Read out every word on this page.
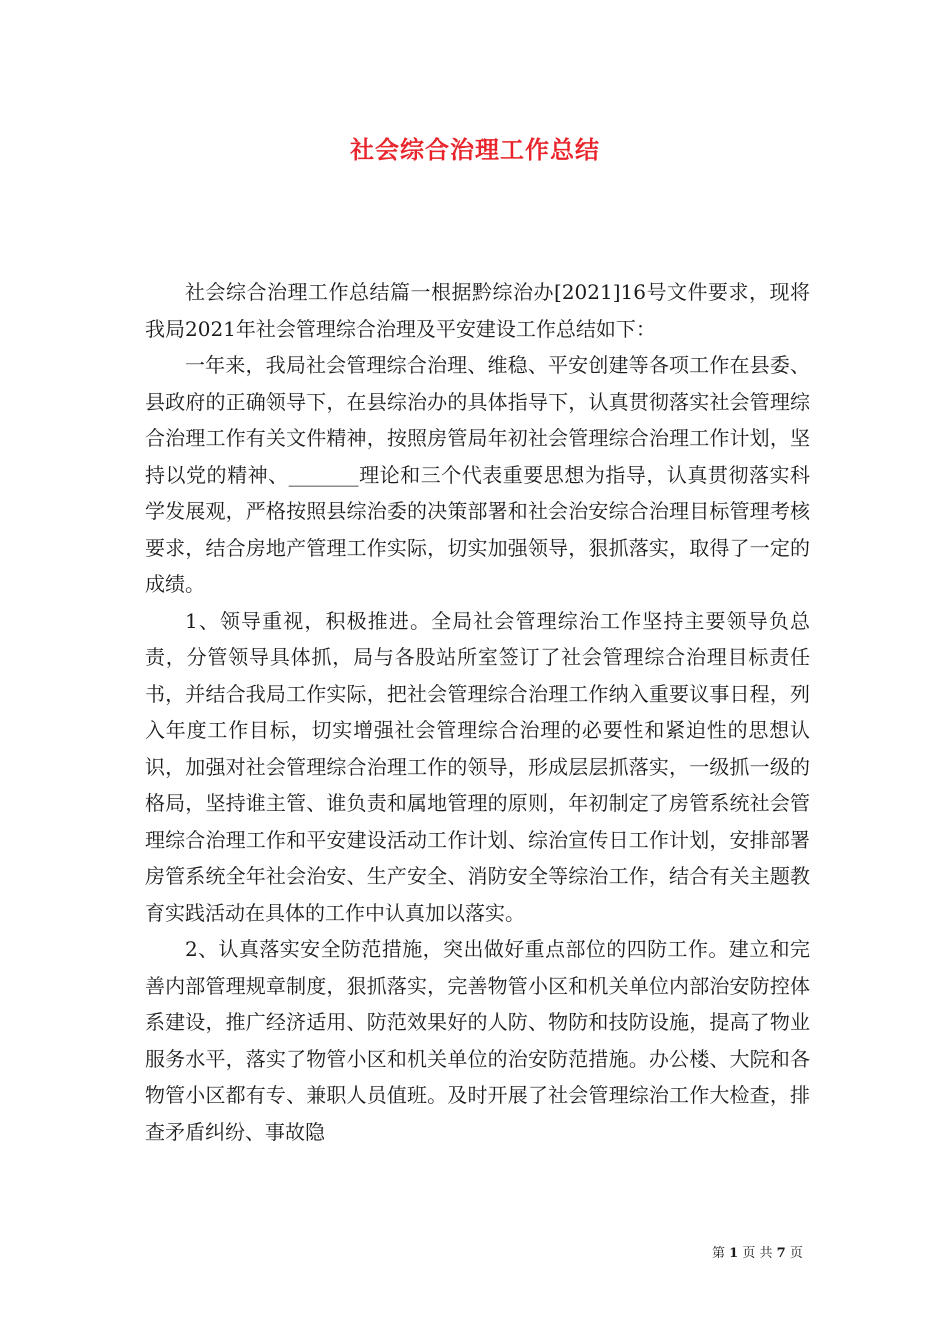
社会综合治理工作总结

社会综合治理工作总结篇一根据黔综治办[2021]16号文件要求，现将我局2021年社会管理综合治理及平安建设工作总结如下：

一年来，我局社会管理综合治理、维稳、平安创建等各项工作在县委、县政府的正确领导下，在县综治办的具体指导下，认真贯彻落实社会管理综合治理工作有关文件精神，按照房管局年初社会管理综合治理工作计划，坚持以党的精神、_______理论和三个代表重要思想为指导，认真贯彻落实科学发展观，严格按照县综治委的决策部署和社会治安综合治理目标管理考核要求，结合房地产管理工作实际，切实加强领导，狠抓落实，取得了一定的成绩。

1、领导重视，积极推进。全局社会管理综治工作坚持主要领导负总责，分管领导具体抓，局与各股站所室签订了社会管理综合治理目标责任书，并结合我局工作实际，把社会管理综合治理工作纳入重要议事日程，列入年度工作目标，切实增强社会管理综合治理的必要性和紧迫性的思想认识，加强对社会管理综合治理工作的领导，形成层层抓落实，一级抓一级的格局，坚持谁主管、谁负责和属地管理的原则，年初制定了房管系统社会管理综合治理工作和平安建设活动工作计划、综治宣传日工作计划，安排部署房管系统全年社会治安、生产安全、消防安全等综治工作，结合有关主题教育实践活动在具体的工作中认真加以落实。

2、认真落实安全防范措施，突出做好重点部位的四防工作。建立和完善内部管理规章制度，狠抓落实，完善物管小区和机关单位内部治安防控体系建设，推广经济适用、防范效果好的人防、物防和技防设施，提高了物业服务水平，落实了物管小区和机关单位的治安防范措施。办公楼、大院和各物管小区都有专、兼职人员值班。及时开展了社会管理综治工作大检查，排查矛盾纠纷、事故隐

第 1 页 共 7 页
